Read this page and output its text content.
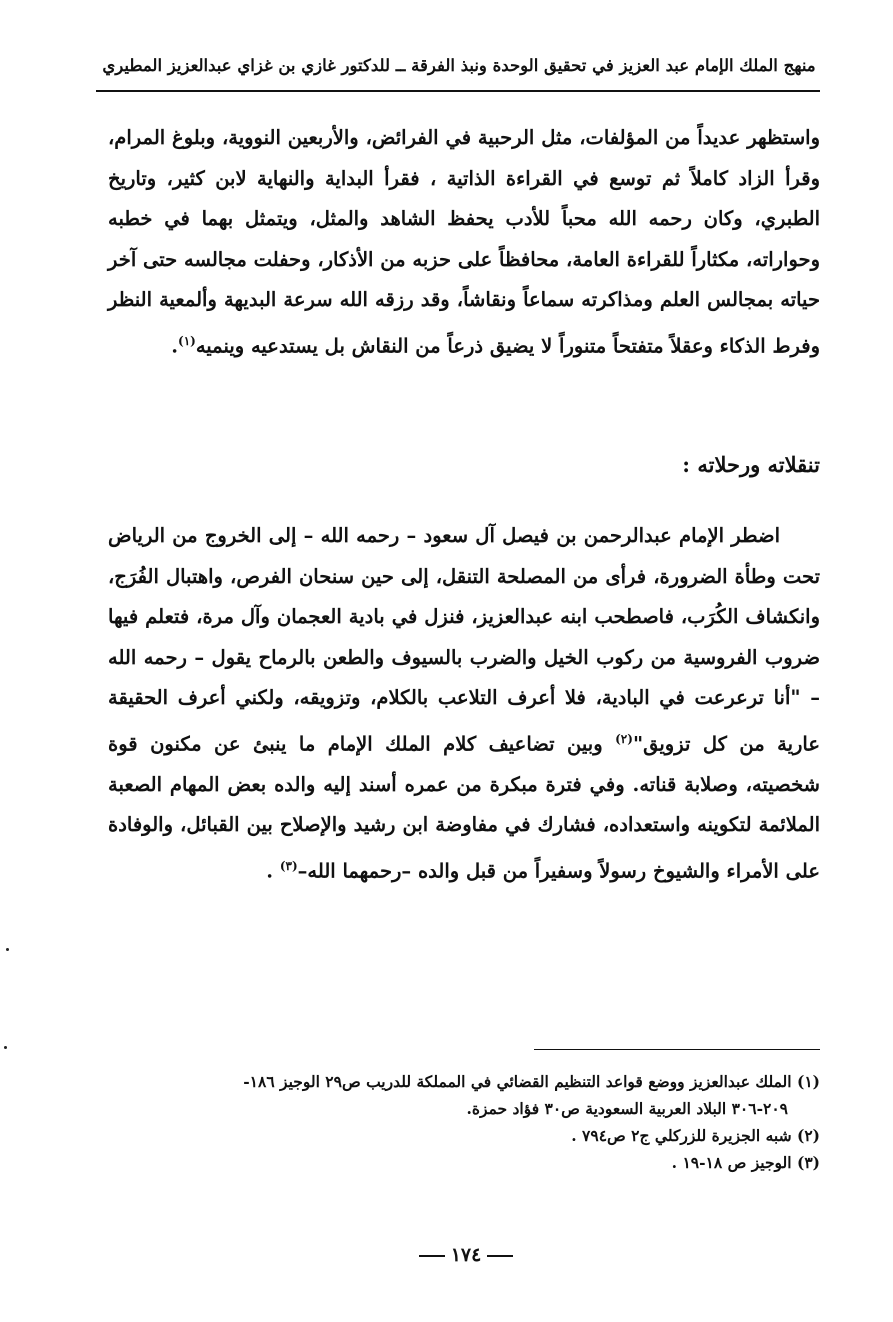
منهج الملك الإمام عبد العزيز في تحقيق الوحدة ونبذ الفرقة ــ للدكتور غازي بن غزاي عبدالعزيز المطيري

واستظهر عديداً من المؤلفات، مثل الرحبية في الفرائض، والأربعين النووية، وبلوغ المرام، وقرأ الزاد كاملاً ثم توسع في القراءة الذاتية ، فقرأ البداية والنهاية لابن كثير، وتاريخ الطبري، وكان رحمه الله محباً للأدب يحفظ الشاهد والمثل، ويتمثل بهما في خطبه وحواراته، مكثاراً للقراءة العامة، محافظاً على حزبه من الأذكار، وحفلت مجالسه حتى آخر حياته بمجالس العلم ومذاكرته سماعاً ونقاشاً، وقد رزقه الله سرعة البديهة وألمعية النظر وفرط الذكاء وعقلاً متفتحاً متنوراً لا يضيق ذرعاً من النقاش بل يستدعيه وينميه$^{(١)}$.

تنقلاته ورحلاته :

اضطر الإمام عبدالرحمن بن فيصل آل سعود – رحمه الله – إلى الخروج من الرياض تحت وطأة الضرورة، فرأى من المصلحة التنقل، إلى حين سنحان الفرص، واهتبال الفُرَج، وانكشاف الكُرَب، فاصطحب ابنه عبدالعزيز، فنزل في بادية العجمان وآل مرة، فتعلم فيها ضروب الفروسية من ركوب الخيل والضرب بالسيوف والطعن بالرماح يقول – رحمه الله – "أنا ترعرعت في البادية، فلا أعرف التلاعب بالكلام، وتزويقه، ولكني أعرف الحقيقة عارية من كل تزويق"$^{(٢)}$ وبين تضاعيف كلام الملك الإمام ما ينبئ عن مكنون قوة شخصيته، وصلابة قناته. وفي فترة مبكرة من عمره أسند إليه والده بعض المهام الصعبة الملائمة لتكوينه واستعداده، فشارك في مفاوضة ابن رشيد والإصلاح بين القبائل، والوفادة على الأمراء والشيوخ رسولاً وسفيراً من قبل والده –رحمهما الله–$^{(٣)}$ .

(١) الملك عبدالعزيز ووضع قواعد التنظيم القضائي في المملكة للدريب ص٢٩ الوجيز ١٨٦-

٢٠٩-٣٠٦ البلاد العربية السعودية ص٣٠ فؤاد حمزة.

(٢) شبه الجزيرة للزركلي ج٢ ص٧٩٤ .

(٣) الوجيز ص ١٨-١٩ .

١٧٤
